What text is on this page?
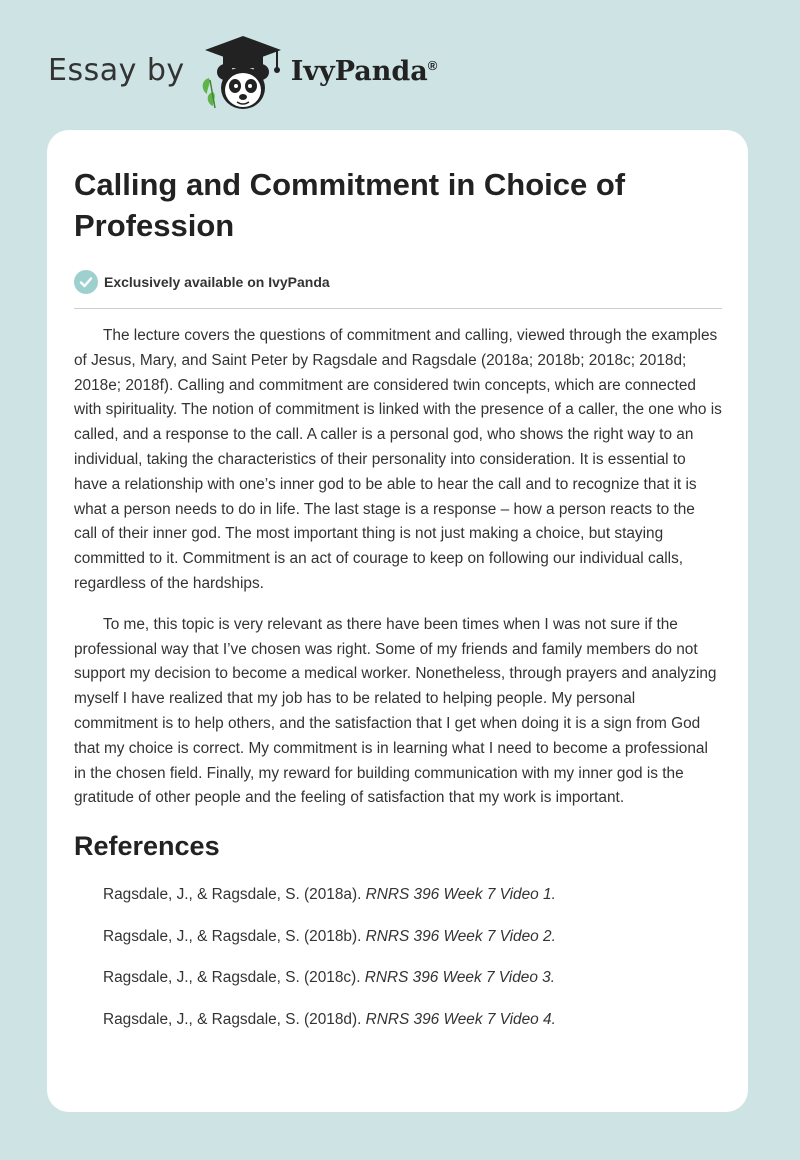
Essay by	IvyPanda®
Calling and Commitment in Choice of Profession
Exclusively available on IvyPanda

The lecture covers the questions of commitment and calling, viewed through the examples of Jesus, Mary, and Saint Peter by Ragsdale and Ragsdale (2018a; 2018b; 2018c; 2018d; 2018e; 2018f). Calling and commitment are considered twin concepts, which are connected with spirituality. The notion of commitment is linked with the presence of a caller, the one who is called, and a response to the call. A caller is a personal god, who shows the right way to an individual, taking the characteristics of their personality into consideration. It is essential to have a relationship with one’s inner god to be able to hear the call and to recognize that it is what a person needs to do in life. The last stage is a response – how a person reacts to the call of their inner god. The most important thing is not just making a choice, but staying committed to it. Commitment is an act of courage to keep on following our individual calls, regardless of the hardships.

To me, this topic is very relevant as there have been times when I was not sure if the professional way that I’ve chosen was right. Some of my friends and family members do not support my decision to become a medical worker. Nonetheless, through prayers and analyzing myself I have realized that my job has to be related to helping people. My personal commitment is to help others, and the satisfaction that I get when doing it is a sign from God that my choice is correct. My commitment is in learning what I need to become a professional in the chosen field. Finally, my reward for building communication with my inner god is the gratitude of other people and the feeling of satisfaction that my work is important.

References
Ragsdale, J., & Ragsdale, S. (2018a). RNRS 396 Week 7 Video 1.
Ragsdale, J., & Ragsdale, S. (2018b). RNRS 396 Week 7 Video 2.
Ragsdale, J., & Ragsdale, S. (2018c). RNRS 396 Week 7 Video 3.
Ragsdale, J., & Ragsdale, S. (2018d). RNRS 396 Week 7 Video 4.
